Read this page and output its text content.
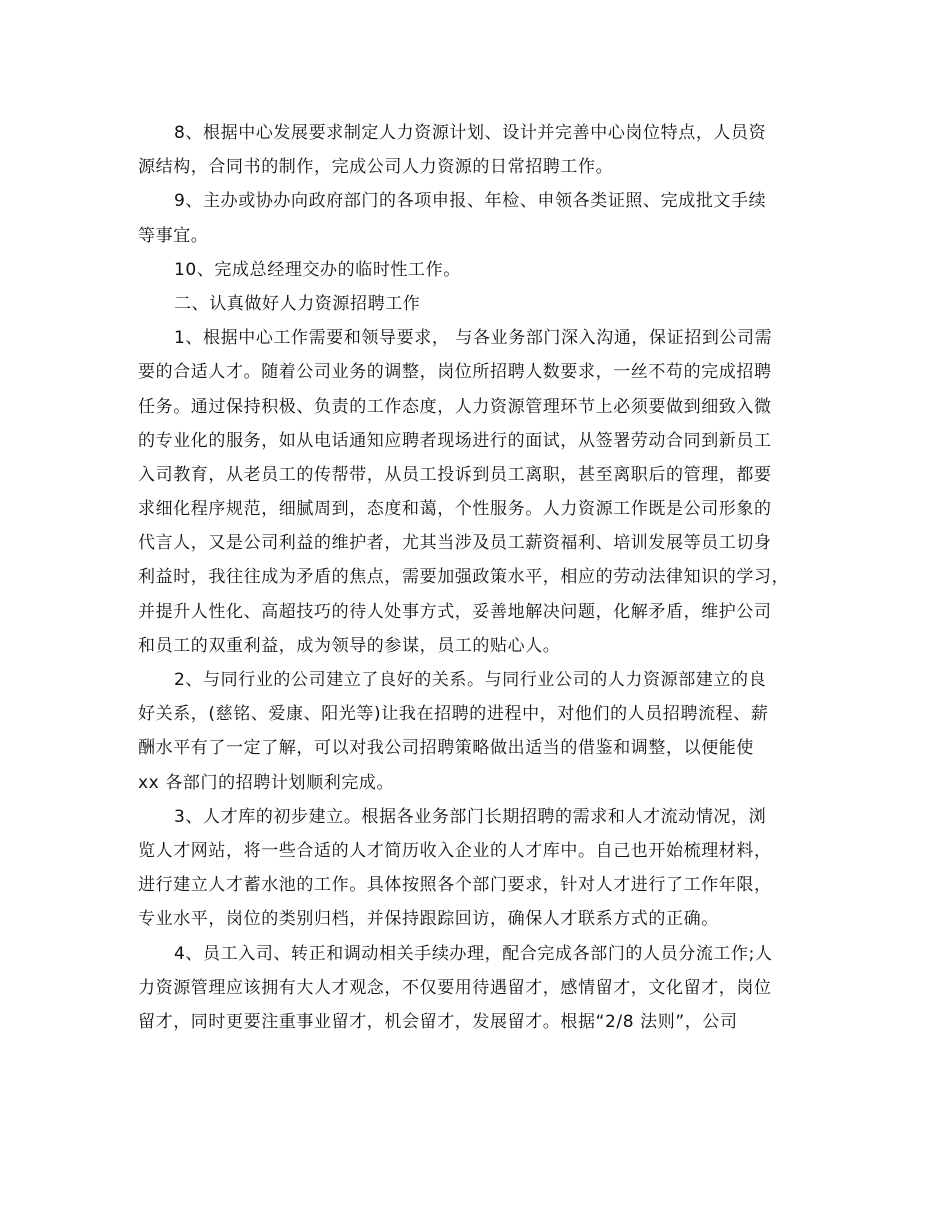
8、根据中心发展要求制定人力资源计划、设计并完善中心岗位特点，人员资
源结构，合同书的制作，完成公司人力资源的日常招聘工作。
9、主办或协办向政府部门的各项申报、年检、申领各类证照、完成批文手续
等事宜。
10、完成总经理交办的临时性工作。
二、认真做好人力资源招聘工作
1、根据中心工作需要和领导要求， 与各业务部门深入沟通，保证招到公司需
要的合适人才。随着公司业务的调整，岗位所招聘人数要求，一丝不苟的完成招聘
任务。通过保持积极、负责的工作态度，人力资源管理环节上必须要做到细致入微
的专业化的服务，如从电话通知应聘者现场进行的面试，从签署劳动合同到新员工
入司教育，从老员工的传帮带，从员工投诉到员工离职，甚至离职后的管理，都要
求细化程序规范，细腻周到，态度和蔼，个性服务。人力资源工作既是公司形象的
代言人，又是公司利益的维护者，尤其当涉及员工薪资福利、培训发展等员工切身
利益时，我往往成为矛盾的焦点，需要加强政策水平，相应的劳动法律知识的学习，
并提升人性化、高超技巧的待人处事方式，妥善地解决问题，化解矛盾，维护公司
和员工的双重利益，成为领导的参谋，员工的贴心人。
2、与同行业的公司建立了良好的关系。与同行业公司的人力资源部建立的良
好关系，(慈铭、爱康、阳光等)让我在招聘的进程中，对他们的人员招聘流程、薪
酬水平有了一定了解，可以对我公司招聘策略做出适当的借鉴和调整，以便能使
xx 各部门的招聘计划顺利完成。
3、人才库的初步建立。根据各业务部门长期招聘的需求和人才流动情况，浏
览人才网站，将一些合适的人才简历收入企业的人才库中。自己也开始梳理材料，
进行建立人才蓄水池的工作。具体按照各个部门要求，针对人才进行了工作年限，
专业水平，岗位的类别归档，并保持跟踪回访，确保人才联系方式的正确。
4、员工入司、转正和调动相关手续办理，配合完成各部门的人员分流工作;人
力资源管理应该拥有大人才观念，不仅要用待遇留才，感情留才，文化留才，岗位
留才，同时更要注重事业留才，机会留才，发展留才。根据“2/8 法则”，公司
